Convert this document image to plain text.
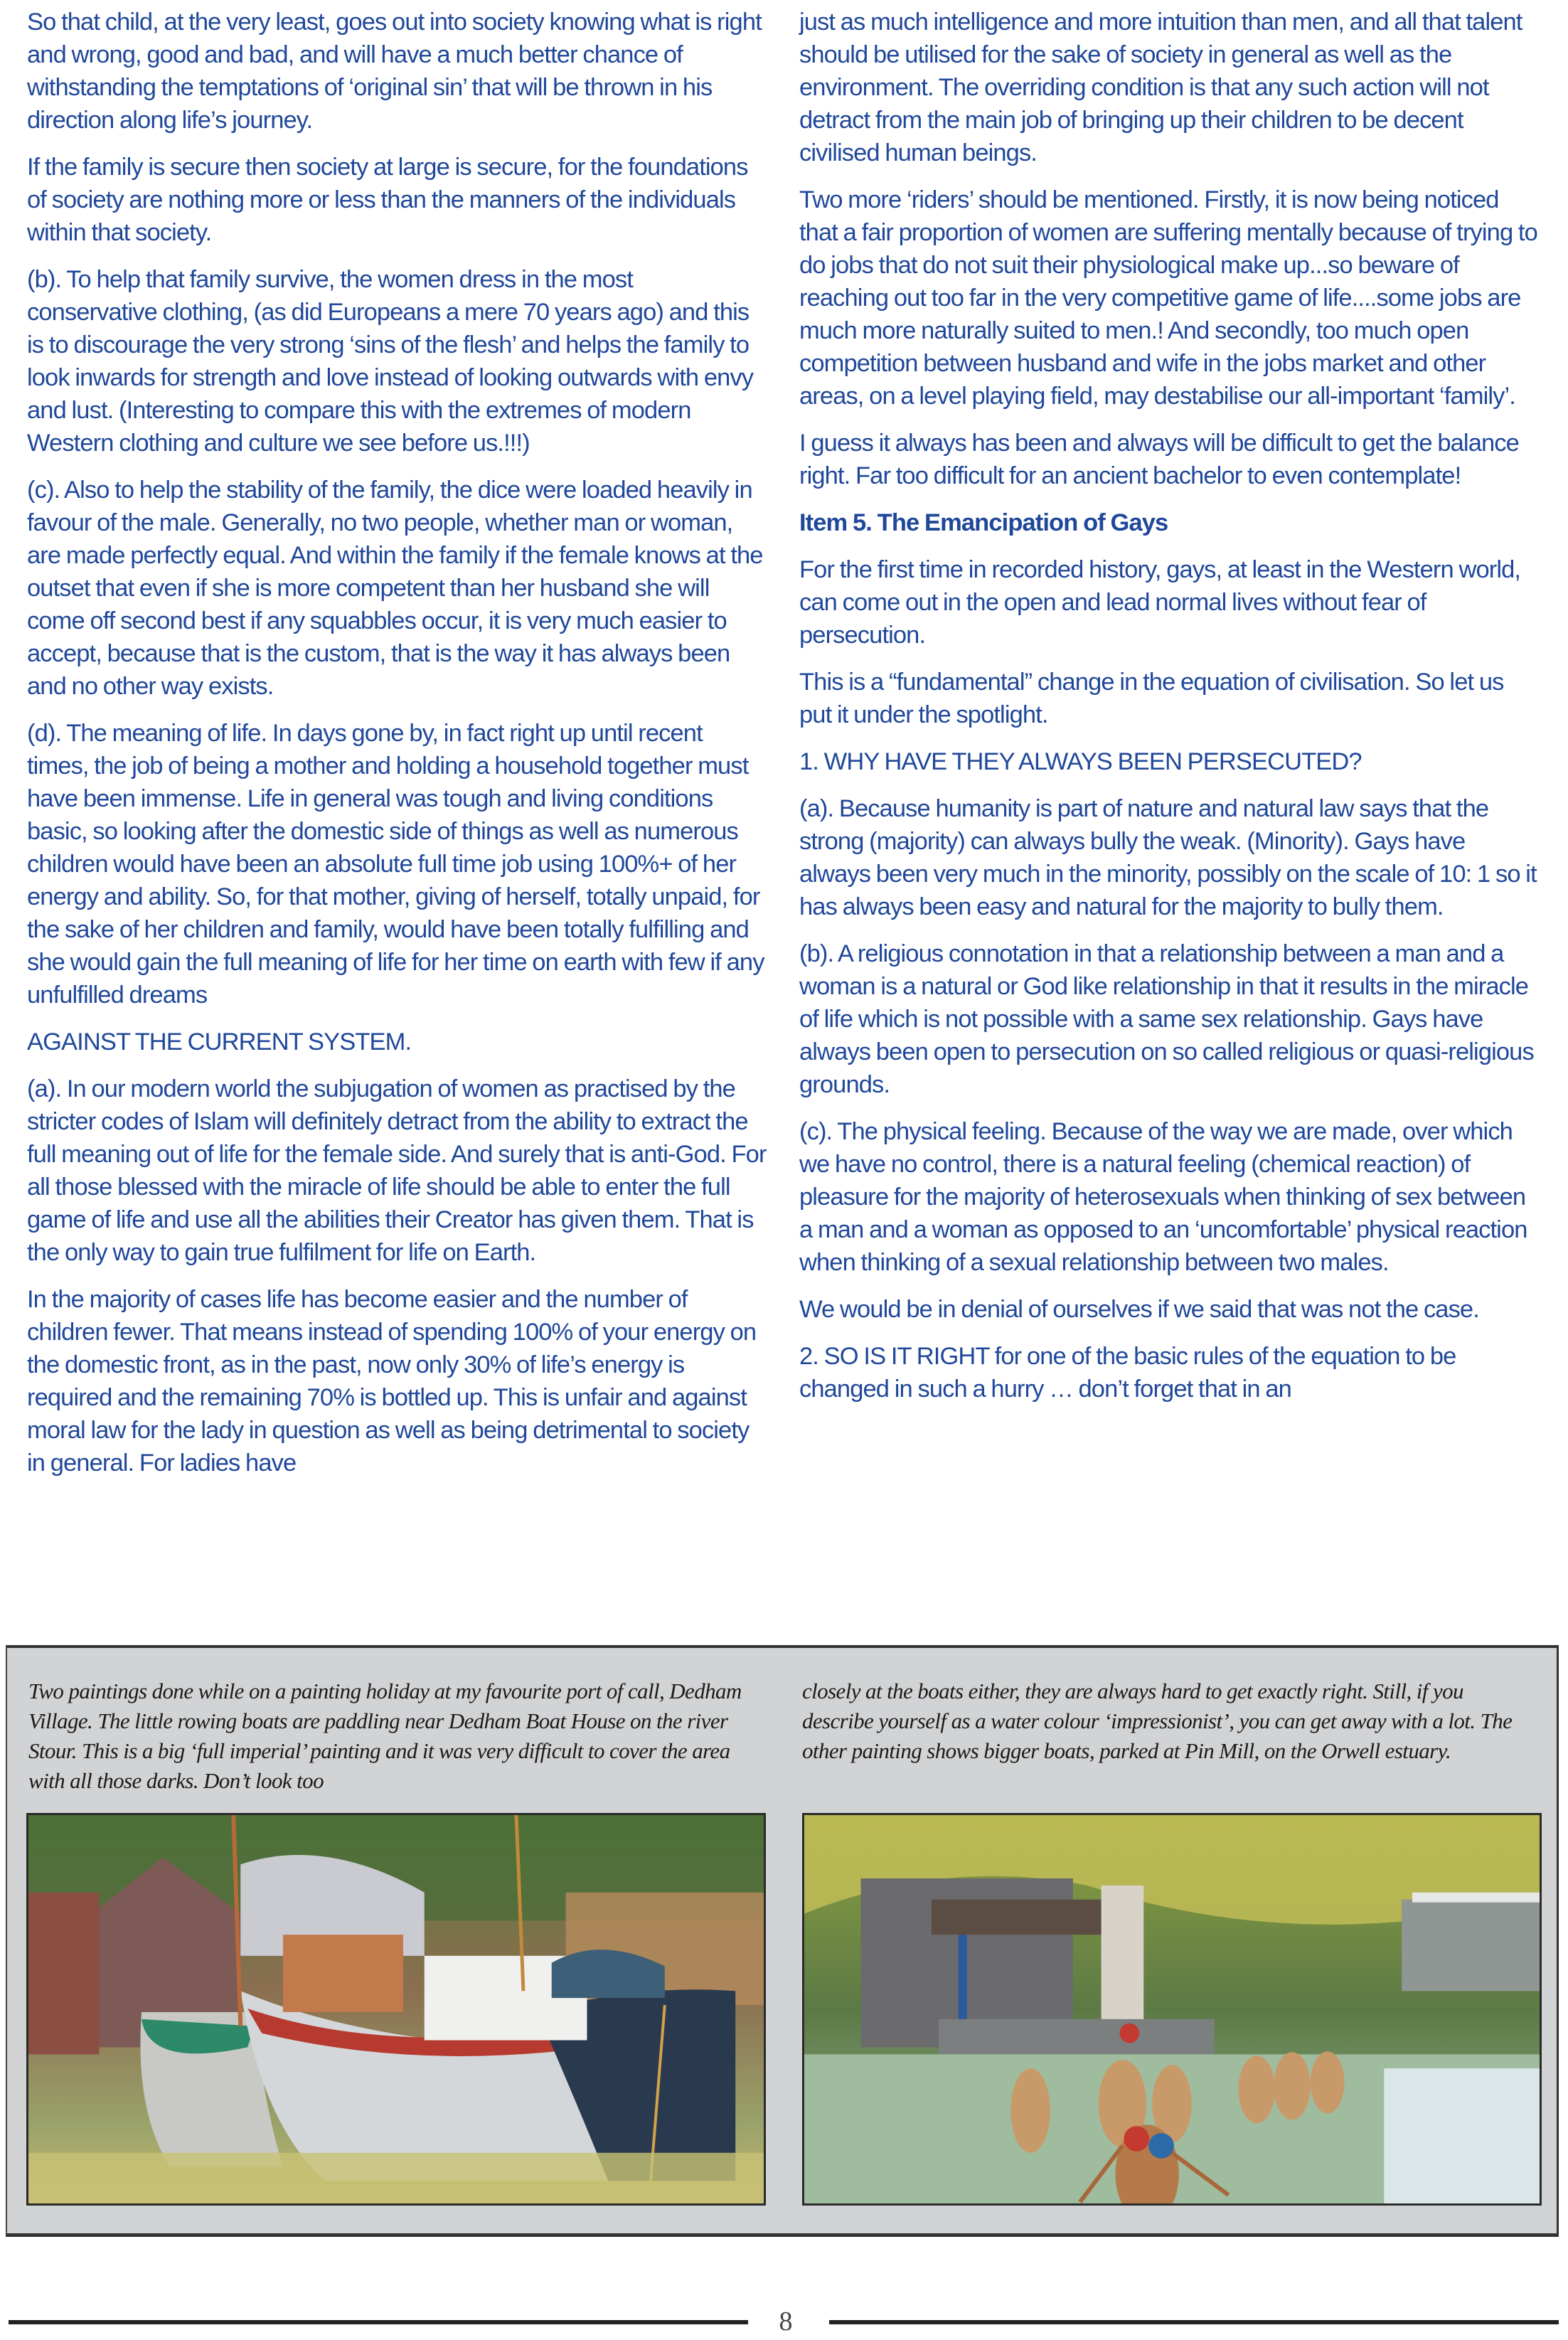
So that child, at the very least, goes out into society knowing what is right and wrong, good and bad, and will have a much better chance of withstanding the temptations of ‘original sin’ that will be thrown in his direction along life’s journey.

If the family is secure then society at large is secure, for the foundations of society are nothing more or less than the manners of the individuals within that society.

(b). To help that family survive, the women dress in the most conservative clothing, (as did Europeans a mere 70 years ago) and this is to discourage the very strong ‘sins of the flesh’ and helps the family to look inwards for strength and love instead of looking outwards with envy and lust. (Interesting to compare this with the extremes of modern Western clothing and culture we see before us.!!!)

(c). Also to help the stability of the family, the dice were loaded heavily in favour of the male. Generally, no two people, whether man or woman, are made perfectly equal. And within the family if the female knows at the outset that even if she is more competent than her husband she will come off second best if any squabbles occur, it is very much easier to accept, because that is the custom, that is the way it has always been and no other way exists.

(d). The meaning of life. In days gone by, in fact right up until recent times, the job of being a mother and holding a household together must have been immense. Life in general was tough and living conditions basic, so looking after the domestic side of things as well as numerous children would have been an absolute full time job using 100%+ of her energy and ability. So, for that mother, giving of herself, totally unpaid, for the sake of her children and family, would have been totally fulfilling and she would gain the full meaning of life for her time on earth with few if any unfulfilled dreams

AGAINST THE CURRENT SYSTEM.

(a). In our modern world the subjugation of women as practised by the stricter codes of Islam will definitely detract from the ability to extract the full meaning out of life for the female side. And surely that is anti-God. For all those blessed with the miracle of life should be able to enter the full game of life and use all the abilities their Creator has given them. That is the only way to gain true fulfilment for life on Earth.

In the majority of cases life has become easier and the number of children fewer. That means instead of spending 100% of your energy on the domestic front, as in the past, now only 30% of life’s energy is required and the remaining 70% is bottled up. This is unfair and against moral law for the lady in question as well as being detrimental to society in general. For ladies have

just as much intelligence and more intuition than men, and all that talent should be utilised for the sake of society in general as well as the environment. The overriding condition is that any such action will not detract from the main job of bringing up their children to be decent civilised human beings.

Two more ‘riders’ should be mentioned. Firstly, it is now being noticed that a fair proportion of women are suffering mentally because of trying to do jobs that do not suit their physiological make up...so beware of reaching out too far in the very competitive game of life....some jobs are much more naturally suited to men.! And secondly, too much open competition between husband and wife in the jobs market and other areas, on a level playing field, may destabilise our all-important ‘family’.

I guess it always has been and always will be difficult to get the balance right. Far too difficult for an ancient bachelor to even contemplate!

Item 5. The Emancipation of Gays

For the first time in recorded history, gays, at least in the Western world, can come out in the open and lead normal lives without fear of persecution.

This is a “fundamental” change in the equation of civilisation. So let us put it under the spotlight.

1. WHY HAVE THEY ALWAYS BEEN PERSECUTED?

(a). Because humanity is part of nature and natural law says that the strong (majority) can always bully the weak. (Minority). Gays have always been very much in the minority, possibly on the scale of 10: 1 so it has always been easy and natural for the majority to bully them.

(b). A religious connotation in that a relationship between a man and a woman is a natural or God like relationship in that it results in the miracle of life which is not possible with a same sex relationship. Gays have always been open to persecution on so called religious or quasi-religious grounds.

(c). The physical feeling. Because of the way we are made, over which we have no control, there is a natural feeling (chemical reaction) of pleasure for the majority of heterosexuals when thinking of sex between a man and a woman as opposed to an ‘uncomfortable’ physical reaction when thinking of a sexual relationship between two males.

We would be in denial of ourselves if we said that was not the case.

2. SO IS IT RIGHT for one of the basic rules of the equation to be changed in such a hurry … don’t forget that in an

Two paintings done while on a painting holiday at my favourite port of call, Dedham Village. The little rowing boats are paddling near Dedham Boat House on the river Stour. This is a big ‘full imperial’ painting and it was very difficult to cover the area with all those darks. Don’t look too
closely at the boats either, they are always hard to get exactly right. Still, if you describe yourself as a water colour ‘impressionist’, you can get away with a lot. The other painting shows bigger boats, parked at Pin Mill, on the Orwell estuary.
8
